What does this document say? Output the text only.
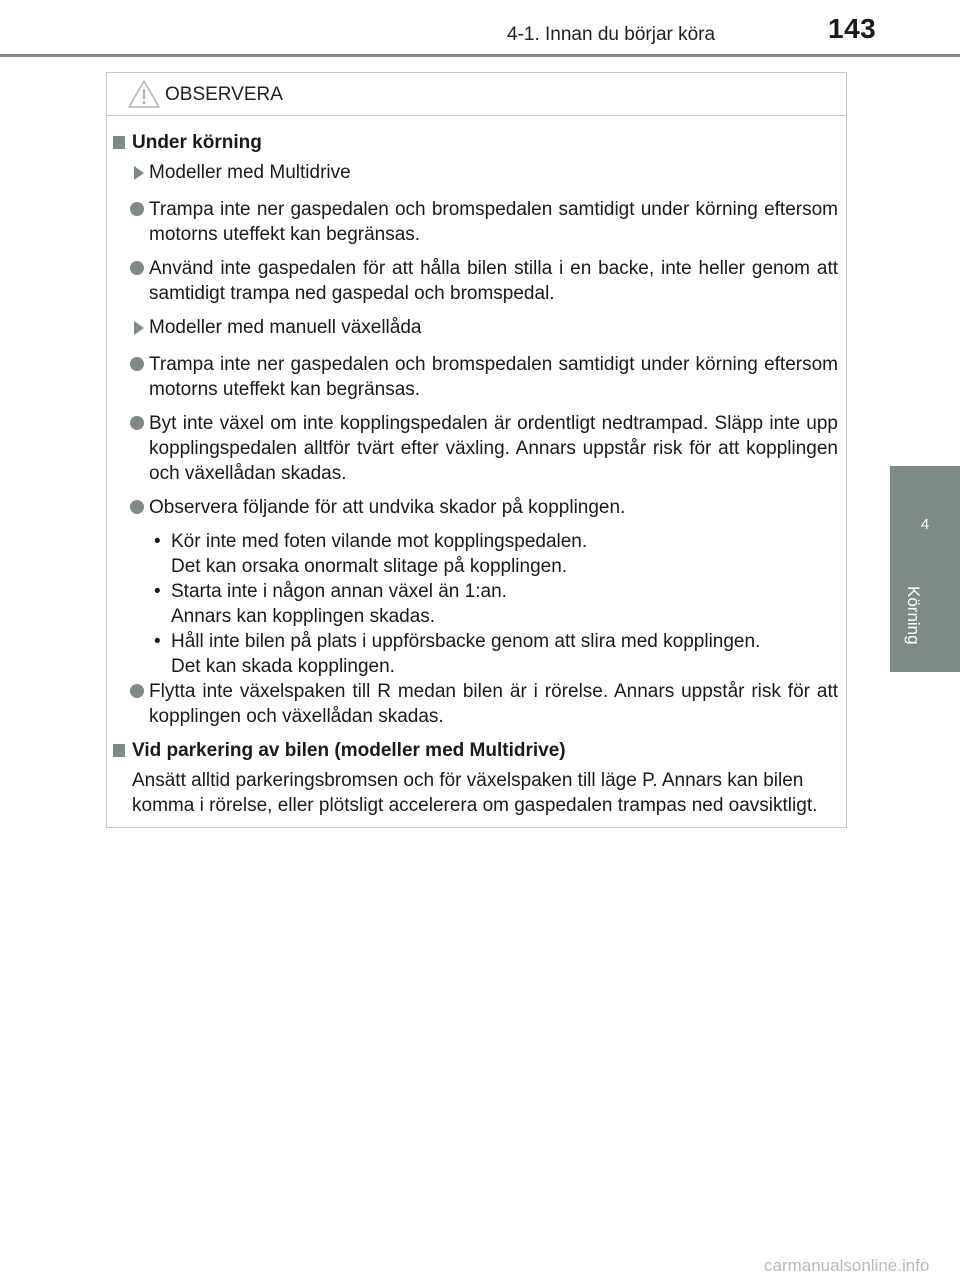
4-1. Innan du börjar köra	143
4
Körning
OBSERVERA

Under körning

Modeller med Multidrive

Trampa inte ner gaspedalen och bromspedalen samtidigt under körning eftersom motorns uteffekt kan begränsas.

Använd inte gaspedalen för att hålla bilen stilla i en backe, inte heller genom att samtidigt trampa ned gaspedal och bromspedal.

Modeller med manuell växellåda

Trampa inte ner gaspedalen och bromspedalen samtidigt under körning eftersom motorns uteffekt kan begränsas.

Byt inte växel om inte kopplingspedalen är ordentligt nedtrampad. Släpp inte upp kopplingspedalen alltför tvärt efter växling. Annars uppstår risk för att kopplingen och växellådan skadas.

Observera följande för att undvika skador på kopplingen.

• Kör inte med foten vilande mot kopplingspedalen.
Det kan orsaka onormalt slitage på kopplingen.
• Starta inte i någon annan växel än 1:an.
Annars kan kopplingen skadas.
• Håll inte bilen på plats i uppförsbacke genom att slira med kopplingen.
Det kan skada kopplingen.

Flytta inte växelspaken till R medan bilen är i rörelse. Annars uppstår risk för att kopplingen och växellådan skadas.

Vid parkering av bilen (modeller med Multidrive)

Ansätt alltid parkeringsbromsen och för växelspaken till läge P. Annars kan bilen komma i rörelse, eller plötsligt accelerera om gaspedalen trampas ned oavsiktligt.

carmanualsonline.info
